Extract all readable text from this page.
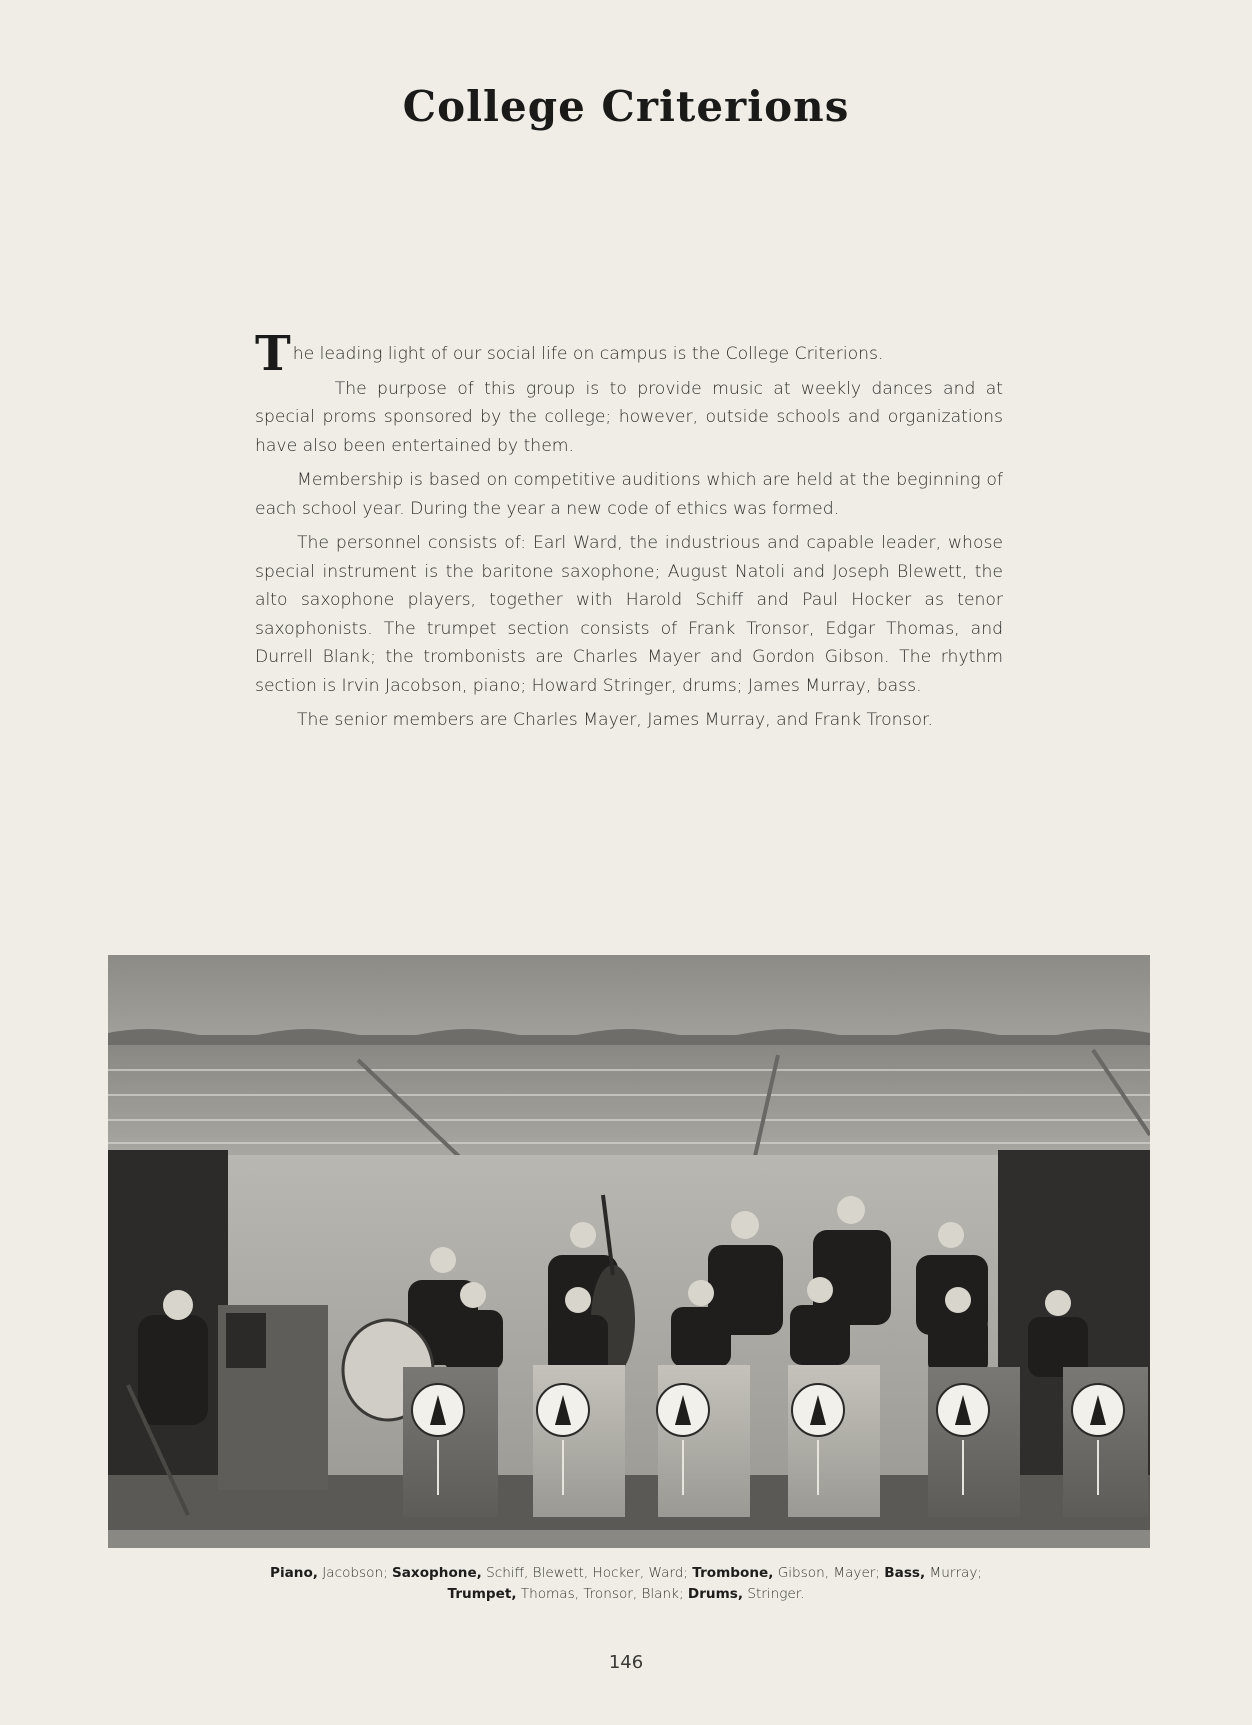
College Criterions

The leading light of our social life on campus is the College Criterions.

The purpose of this group is to provide music at weekly dances and at special proms sponsored by the college; however, outside schools and organizations have also been entertained by them.

Membership is based on competitive auditions which are held at the beginning of each school year. During the year a new code of ethics was formed.

The personnel consists of: Earl Ward, the industrious and capable leader, whose special instrument is the baritone saxophone; August Natoli and Joseph Blewett, the alto saxophone players, together with Harold Schiff and Paul Hocker as tenor saxophonists. The trumpet section consists of Frank Tronsor, Edgar Thomas, and Durrell Blank; the trombonists are Charles Mayer and Gordon Gibson. The rhythm section is Irvin Jacobson, piano; Howard Stringer, drums; James Murray, bass.

The senior members are Charles Mayer, James Murray, and Frank Tronsor.

Piano, Jacobson; Saxophone, Schiff, Blewett, Hocker, Ward; Trombone, Gibson, Mayer; Bass, Murray;
Trumpet, Thomas, Tronsor, Blank; Drums, Stringer.
146
